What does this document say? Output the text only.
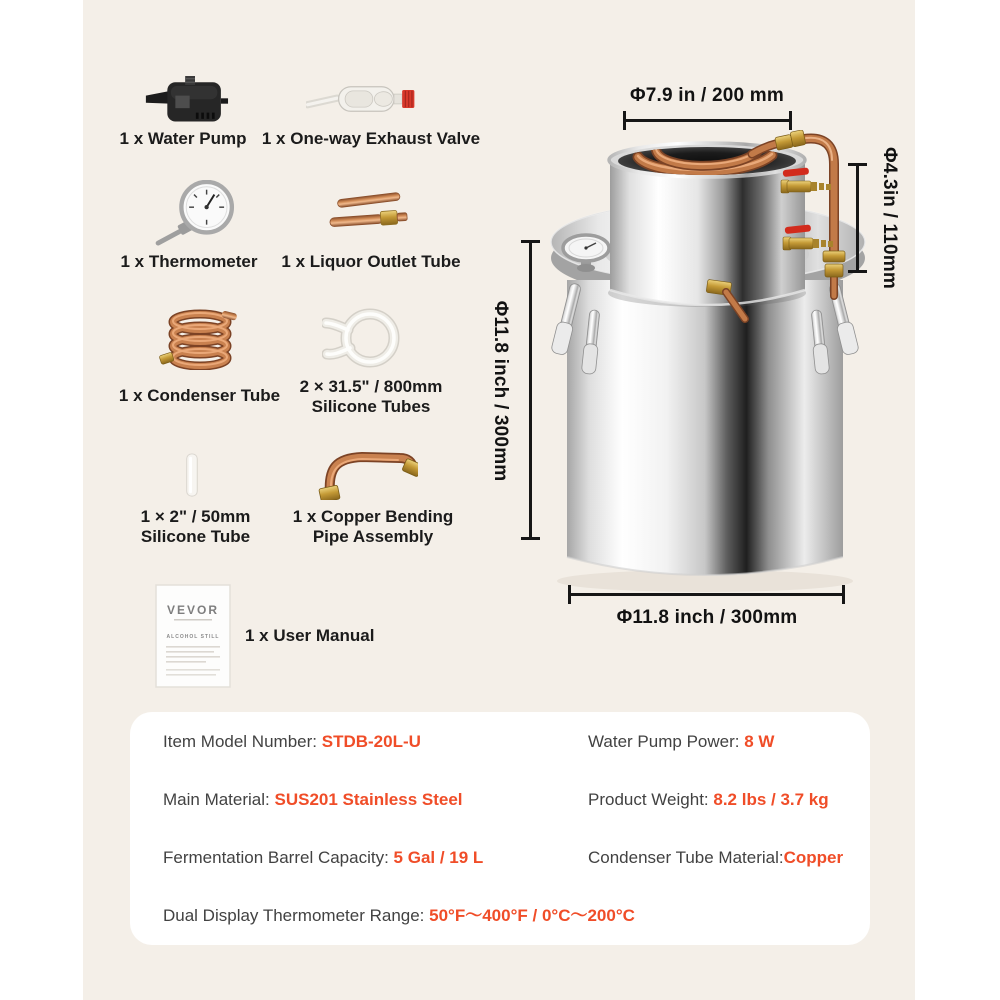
VEVOR
ALCOHOL STILL
1 x Water Pump 1 x One-way Exhaust Valve
1 x Thermometer	1 x Liquor Outlet Tube
1 x Condenser Tube	2 × 31.5" / 800mm
Silicone Tubes
1 × 2" / 50mm
Silicone Tube
1 x Copper Bending
Pipe Assembly
1 x User Manual
Φ7.9 in / 200 mm
Φ4.3in / 110mm
Φ11.8 inch / 300mm
Φ11.8 inch / 300mm
Item Model Number: STDB-20L-U	Water Pump Power: 8 W
Main Material: SUS201 Stainless Steel	Product Weight: 8.2 lbs / 3.7 kg
Fermentation Barrel Capacity: 5 Gal / 19 L	Condenser Tube Material:Copper
Dual Display Thermometer Range: 50°F～400°F / 0°C～200°C
